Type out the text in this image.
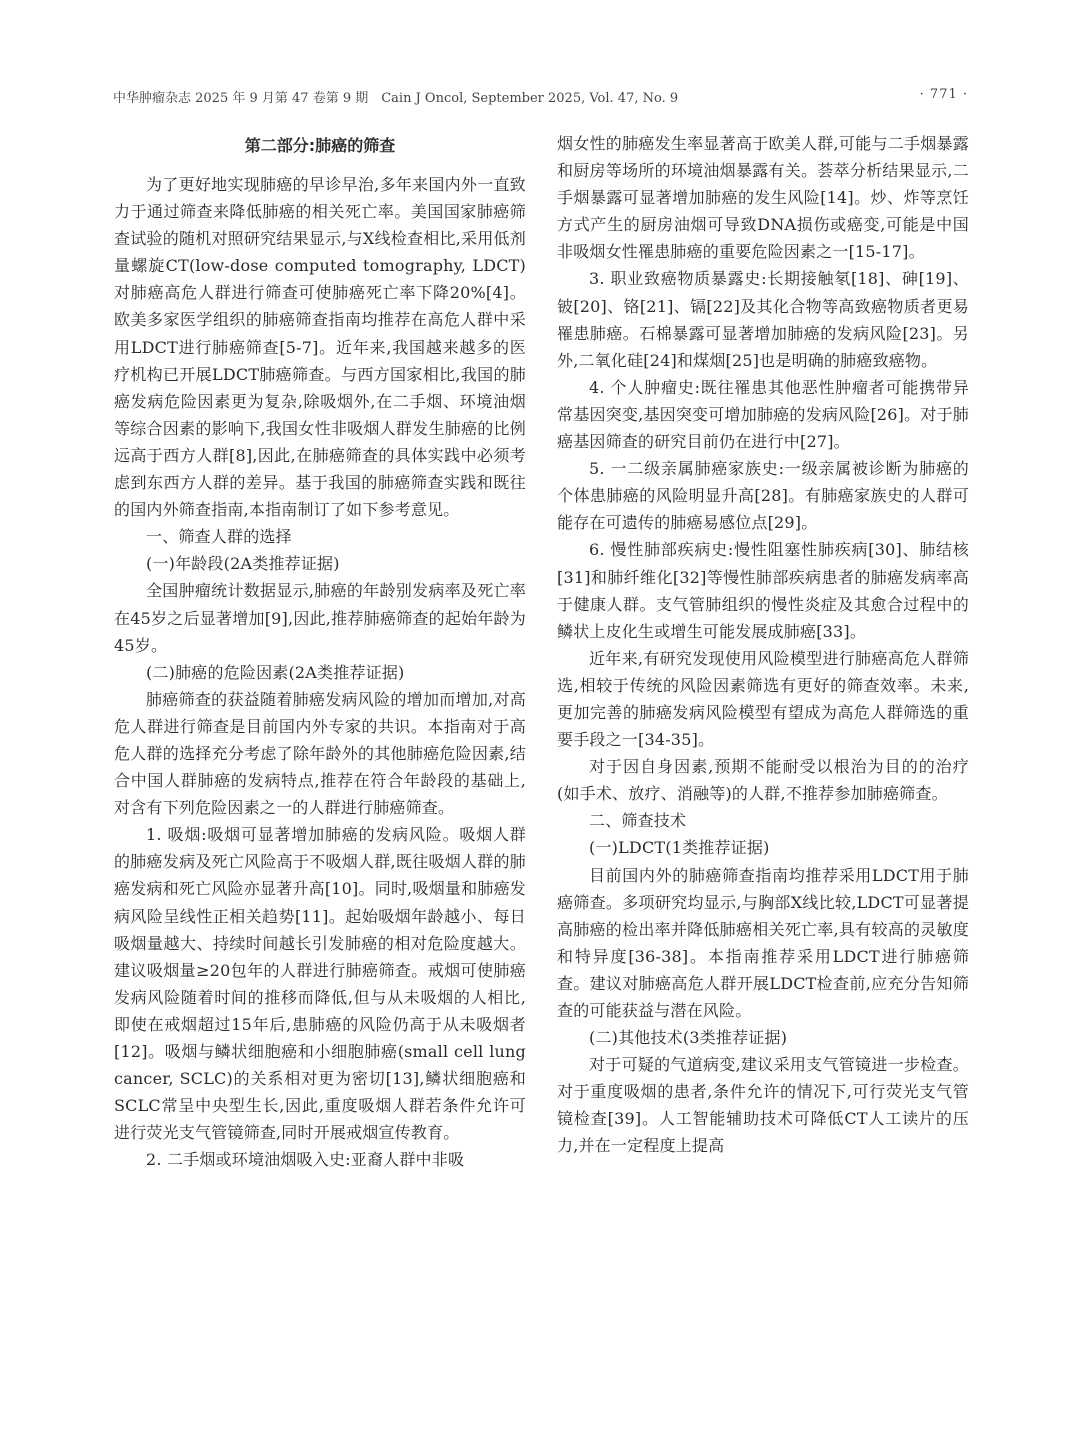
中华肿瘤杂志 2025 年 9 月第 47 卷第 9 期　Cain J Oncol, September 2025, Vol. 47, No. 9	· 771 ·
第二部分:肺癌的筛查

为了更好地实现肺癌的早诊早治,多年来国内外一直致力于通过筛查来降低肺癌的相关死亡率。美国国家肺癌筛查试验的随机对照研究结果显示,与X线检查相比,采用低剂量螺旋CT(low-dose computed tomography, LDCT)对肺癌高危人群进行筛查可使肺癌死亡率下降20%[4]。欧美多家医学组织的肺癌筛查指南均推荐在高危人群中采用LDCT进行肺癌筛查[5-7]。近年来,我国越来越多的医疗机构已开展LDCT肺癌筛查。与西方国家相比,我国的肺癌发病危险因素更为复杂,除吸烟外,在二手烟、环境油烟等综合因素的影响下,我国女性非吸烟人群发生肺癌的比例远高于西方人群[8],因此,在肺癌筛查的具体实践中必须考虑到东西方人群的差异。基于我国的肺癌筛查实践和既往的国内外筛查指南,本指南制订了如下参考意见。

一、筛查人群的选择

(一)年龄段(2A类推荐证据)

全国肿瘤统计数据显示,肺癌的年龄别发病率及死亡率在45岁之后显著增加[9],因此,推荐肺癌筛查的起始年龄为45岁。

(二)肺癌的危险因素(2A类推荐证据)

肺癌筛查的获益随着肺癌发病风险的增加而增加,对高危人群进行筛查是目前国内外专家的共识。本指南对于高危人群的选择充分考虑了除年龄外的其他肺癌危险因素,结合中国人群肺癌的发病特点,推荐在符合年龄段的基础上,对含有下列危险因素之一的人群进行肺癌筛查。

1. 吸烟:吸烟可显著增加肺癌的发病风险。吸烟人群的肺癌发病及死亡风险高于不吸烟人群,既往吸烟人群的肺癌发病和死亡风险亦显著升高[10]。同时,吸烟量和肺癌发病风险呈线性正相关趋势[11]。起始吸烟年龄越小、每日吸烟量越大、持续时间越长引发肺癌的相对危险度越大。建议吸烟量≥20包年的人群进行肺癌筛查。戒烟可使肺癌发病风险随着时间的推移而降低,但与从未吸烟的人相比,即使在戒烟超过15年后,患肺癌的风险仍高于从未吸烟者[12]。吸烟与鳞状细胞癌和小细胞肺癌(small cell lung cancer, SCLC)的关系相对更为密切[13],鳞状细胞癌和SCLC常呈中央型生长,因此,重度吸烟人群若条件允许可进行荧光支气管镜筛查,同时开展戒烟宣传教育。

2. 二手烟或环境油烟吸入史:亚裔人群中非吸

烟女性的肺癌发生率显著高于欧美人群,可能与二手烟暴露和厨房等场所的环境油烟暴露有关。荟萃分析结果显示,二手烟暴露可显著增加肺癌的发生风险[14]。炒、炸等烹饪方式产生的厨房油烟可导致DNA损伤或癌变,可能是中国非吸烟女性罹患肺癌的重要危险因素之一[15-17]。

3. 职业致癌物质暴露史:长期接触氡[18]、砷[19]、铍[20]、铬[21]、镉[22]及其化合物等高致癌物质者更易罹患肺癌。石棉暴露可显著增加肺癌的发病风险[23]。另外,二氧化硅[24]和煤烟[25]也是明确的肺癌致癌物。

4. 个人肿瘤史:既往罹患其他恶性肿瘤者可能携带异常基因突变,基因突变可增加肺癌的发病风险[26]。对于肺癌基因筛查的研究目前仍在进行中[27]。

5. 一二级亲属肺癌家族史:一级亲属被诊断为肺癌的个体患肺癌的风险明显升高[28]。有肺癌家族史的人群可能存在可遗传的肺癌易感位点[29]。

6. 慢性肺部疾病史:慢性阻塞性肺疾病[30]、肺结核[31]和肺纤维化[32]等慢性肺部疾病患者的肺癌发病率高于健康人群。支气管肺组织的慢性炎症及其愈合过程中的鳞状上皮化生或增生可能发展成肺癌[33]。

近年来,有研究发现使用风险模型进行肺癌高危人群筛选,相较于传统的风险因素筛选有更好的筛查效率。未来,更加完善的肺癌发病风险模型有望成为高危人群筛选的重要手段之一[34-35]。

对于因自身因素,预期不能耐受以根治为目的的治疗(如手术、放疗、消融等)的人群,不推荐参加肺癌筛查。

二、筛查技术

(一)LDCT(1类推荐证据)

目前国内外的肺癌筛查指南均推荐采用LDCT用于肺癌筛查。多项研究均显示,与胸部X线比较,LDCT可显著提高肺癌的检出率并降低肺癌相关死亡率,具有较高的灵敏度和特异度[36-38]。本指南推荐采用LDCT进行肺癌筛查。建议对肺癌高危人群开展LDCT检查前,应充分告知筛查的可能获益与潜在风险。

(二)其他技术(3类推荐证据)

对于可疑的气道病变,建议采用支气管镜进一步检查。对于重度吸烟的患者,条件允许的情况下,可行荧光支气管镜检查[39]。人工智能辅助技术可降低CT人工读片的压力,并在一定程度上提高
